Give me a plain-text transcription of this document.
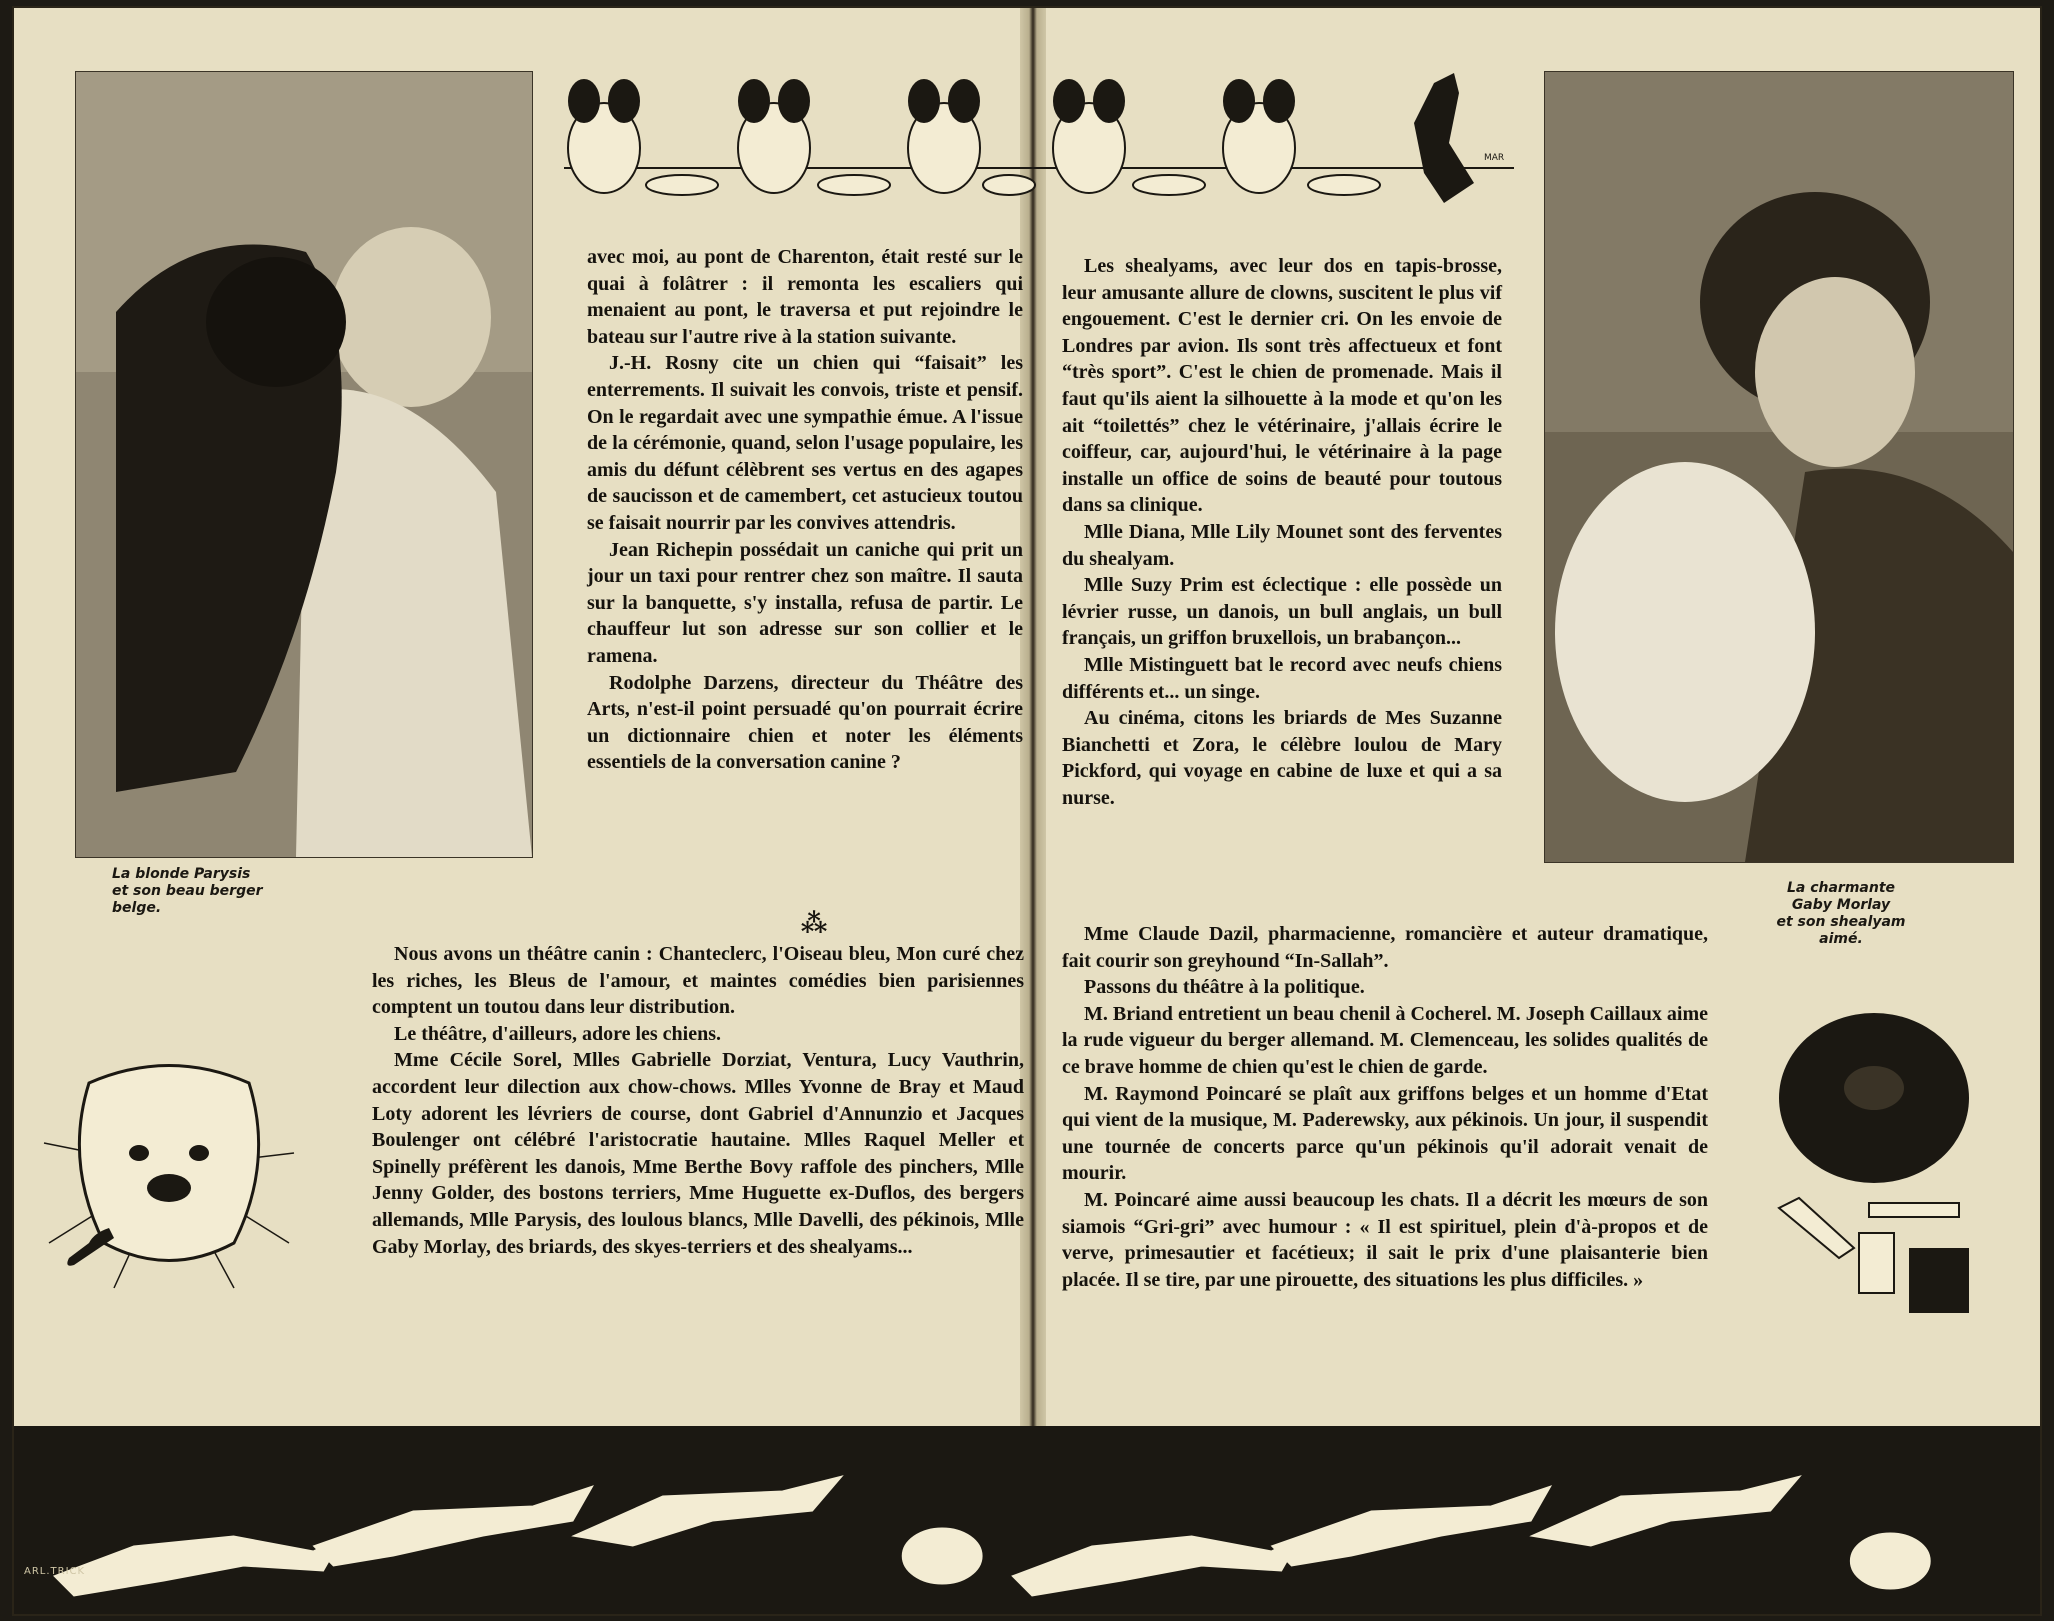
MAR
La blonde Parysis
et son beau berger
belge.
La charmante
Gaby Morlay
et son shealyam
aimé.

avec moi, au pont de Charenton, était resté sur le quai à folâtrer : il remonta les escaliers qui menaient au pont, le traversa et put rejoindre le bateau sur l'autre rive à la station suivante.

J.-H. Rosny cite un chien qui “faisait” les enterrements. Il suivait les convois, triste et pensif. On le regardait avec une sympathie émue. A l'issue de la cérémonie, quand, selon l'usage populaire, les amis du défunt célèbrent ses vertus en des agapes de saucisson et de camembert, cet astucieux toutou se faisait nourrir par les convives attendris.

Jean Richepin possédait un caniche qui prit un jour un taxi pour rentrer chez son maître. Il sauta sur la banquette, s'y installa, refusa de partir. Le chauffeur lut son adresse sur son collier et le ramena.

Rodolphe Darzens, directeur du Théâtre des Arts, n'est-il point persuadé qu'on pourrait écrire un dictionnaire chien et noter les éléments essentiels de la conversation canine ?

⁂

Nous avons un théâtre canin : Chanteclerc, l'Oiseau bleu, Mon curé chez les riches, les Bleus de l'amour, et maintes comédies bien parisiennes comptent un toutou dans leur distribution.

Le théâtre, d'ailleurs, adore les chiens.

Mme Cécile Sorel, Mlles Gabrielle Dorziat, Ventura, Lucy Vauthrin, accordent leur dilection aux chow-chows. Mlles Yvonne de Bray et Maud Loty adorent les lévriers de course, dont Gabriel d'Annunzio et Jacques Boulenger ont célébré l'aristocratie hautaine. Mlles Raquel Meller et Spinelly préfèrent les danois, Mme Berthe Bovy raffole des pinchers, Mlle Jenny Golder, des bostons terriers, Mme Huguette ex-Duflos, des bergers allemands, Mlle Parysis, des loulous blancs, Mlle Davelli, des pékinois, Mlle Gaby Morlay, des briards, des skyes-terriers et des shealyams...

Les shealyams, avec leur dos en tapis-brosse, leur amusante allure de clowns, suscitent le plus vif engouement. C'est le dernier cri. On les envoie de Londres par avion. Ils sont très affectueux et font “très sport”. C'est le chien de promenade. Mais il faut qu'ils aient la silhouette à la mode et qu'on les ait “toilettés” chez le vétérinaire, j'allais écrire le coiffeur, car, aujourd'hui, le vétérinaire à la page installe un office de soins de beauté pour toutous dans sa clinique.

Mlle Diana, Mlle Lily Mounet sont des ferventes du shealyam.

Mlle Suzy Prim est éclectique : elle possède un lévrier russe, un danois, un bull anglais, un bull français, un griffon bruxellois, un brabançon...

Mlle Mistinguett bat le record avec neufs chiens différents et... un singe.

Au cinéma, citons les briards de Mes Suzanne Bianchetti et Zora, le célèbre loulou de Mary Pickford, qui voyage en cabine de luxe et qui a sa nurse.

Mme Claude Dazil, pharmacienne, romancière et auteur dramatique, fait courir son greyhound “In-Sallah”.

Passons du théâtre à la politique.

M. Briand entretient un beau chenil à Cocherel. M. Joseph Caillaux aime la rude vigueur du berger allemand. M. Clemenceau, les solides qualités de ce brave homme de chien qu'est le chien de garde.

M. Raymond Poincaré se plaît aux griffons belges et un homme d'Etat qui vient de la musique, M. Paderewsky, aux pékinois. Un jour, il suspendit une tournée de concerts parce qu'un pékinois qu'il adorait venait de mourir.

M. Poincaré aime aussi beaucoup les chats. Il a décrit les mœurs de son siamois “Gri-gri” avec humour : « Il est spirituel, plein d'à-propos et de verve, primesautier et facétieux; il sait le prix d'une plaisanterie bien placée. Il se tire, par une pirouette, des situations les plus difficiles. »

ARL.TRICK
